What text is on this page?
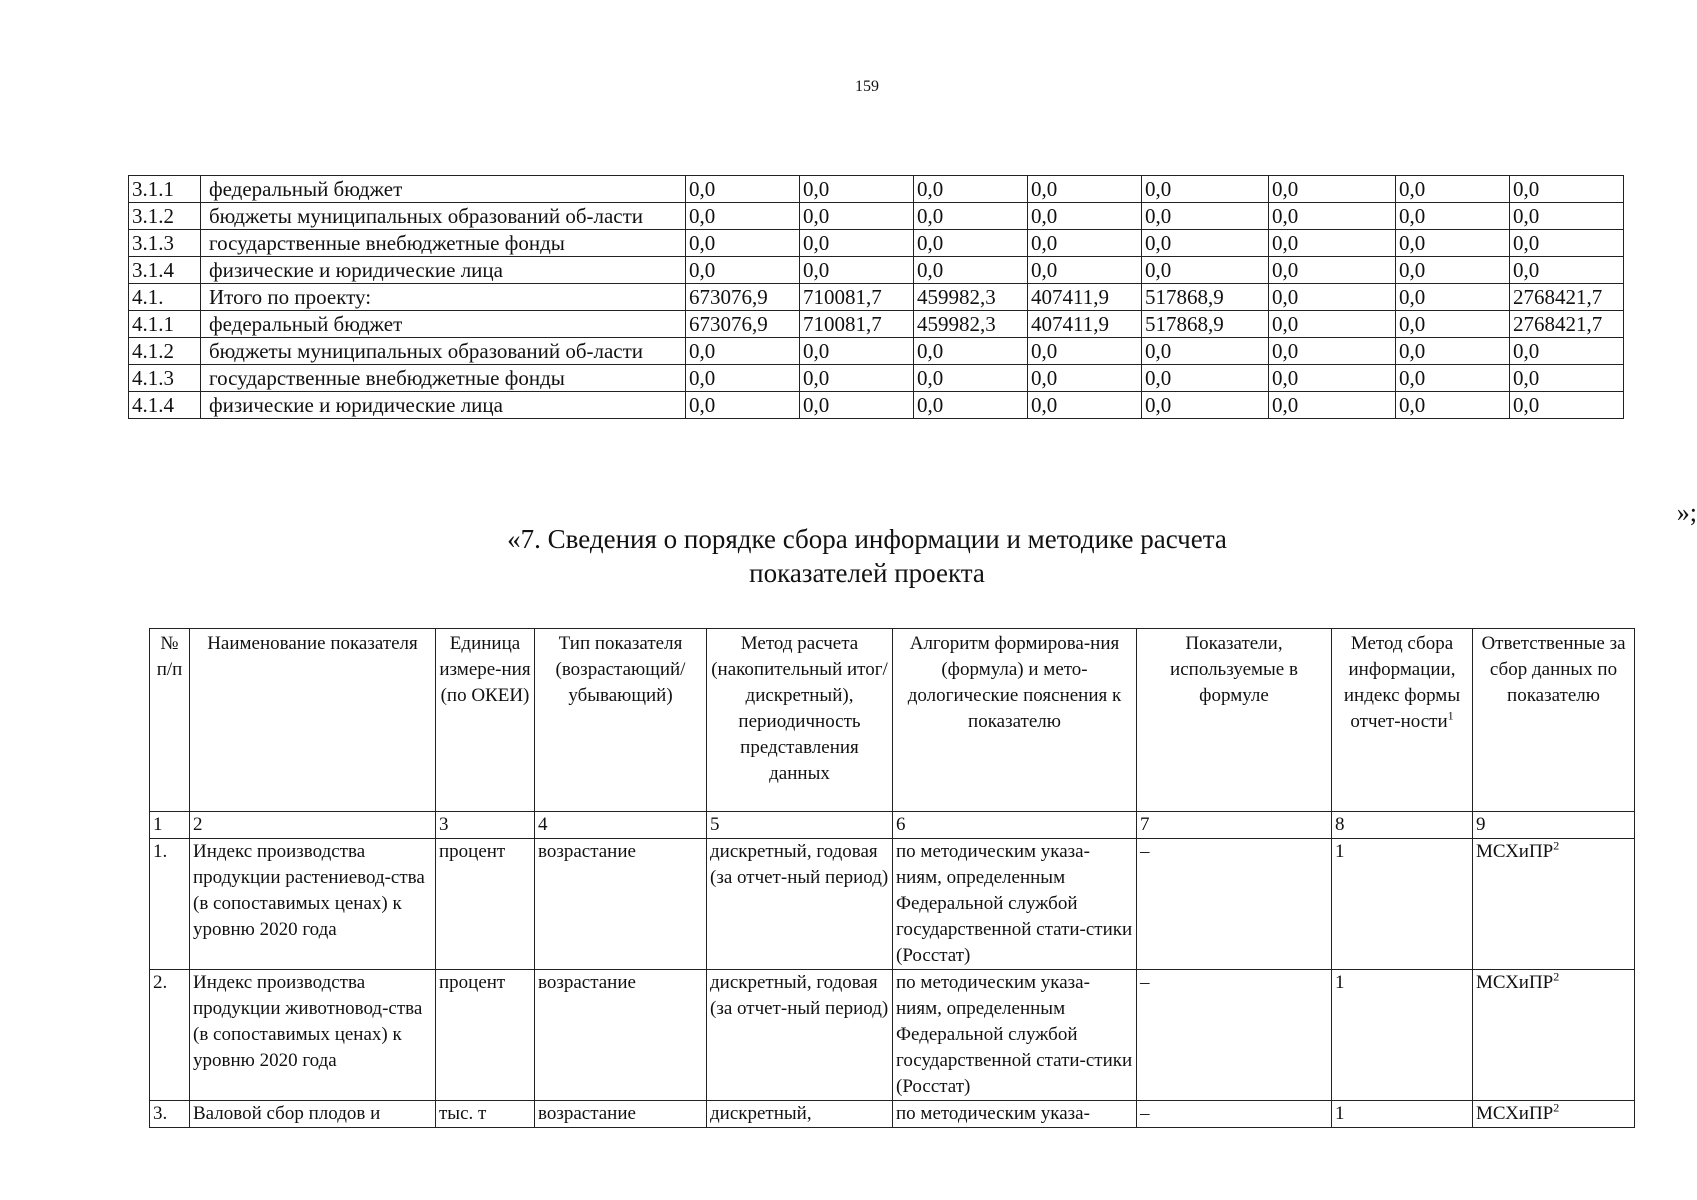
159
3.1.1	федеральный бюджет	0,0	0,0	0,0	0,0	0,0	0,0	0,0	0,0
3.1.2	бюджеты муниципальных образований об-ласти	0,0	0,0	0,0	0,0	0,0	0,0	0,0	0,0
3.1.3	государственные внебюджетные фонды	0,0	0,0	0,0	0,0	0,0	0,0	0,0	0,0
3.1.4	физические и юридические лица	0,0	0,0	0,0	0,0	0,0	0,0	0,0	0,0
4.1.	Итого по проекту:	673076,9	710081,7	459982,3	407411,9	517868,9	0,0	0,0	2768421,7
4.1.1	федеральный бюджет	673076,9	710081,7	459982,3	407411,9	517868,9	0,0	0,0	2768421,7
4.1.2	бюджеты муниципальных образований об-ласти	0,0	0,0	0,0	0,0	0,0	0,0	0,0	0,0
4.1.3	государственные внебюджетные фонды	0,0	0,0	0,0	0,0	0,0	0,0	0,0	0,0
4.1.4	физические и юридические лица	0,0	0,0	0,0	0,0	0,0	0,0	0,0	0,0
»;
«7. Сведения о порядке сбора информации и методике расчета
показателей проекта
№ п/п	Наименование показателя	Единица измере-ния (по ОКЕИ)	Тип показателя (возрастающий/ убывающий)	Метод расчета (накопительный итог/дискретный), периодичность представления данных	Алгоритм формирова-ния (формула) и мето-дологические пояснения к показателю	Показатели, используемые в формуле	Метод сбора информации, индекс формы отчет-ности$^1$	Ответственные за сбор данных по показателю
1	2	3	4	5	6	7	8	9
1.	Индекс производства продукции растениевод-ства (в сопоставимых ценах) к уровню 2020 года	процент	возрастание	дискретный, годовая (за отчет-ный период)	по методическим указа-ниям, определенным Федеральной службой государственной стати-стики (Росстат)	–	1	МСХиПР$^2$
2.	Индекс производства продукции животновод-ства (в сопоставимых ценах) к уровню 2020 года	процент	возрастание	дискретный, годовая (за отчет-ный период)	по методическим указа-ниям, определенным Федеральной службой государственной стати-стики (Росстат)	–	1	МСХиПР$^2$
3.	Валовой сбор плодов и	тыс. т	возрастание	дискретный,	по методическим указа-	–	1	МСХиПР$^2$
